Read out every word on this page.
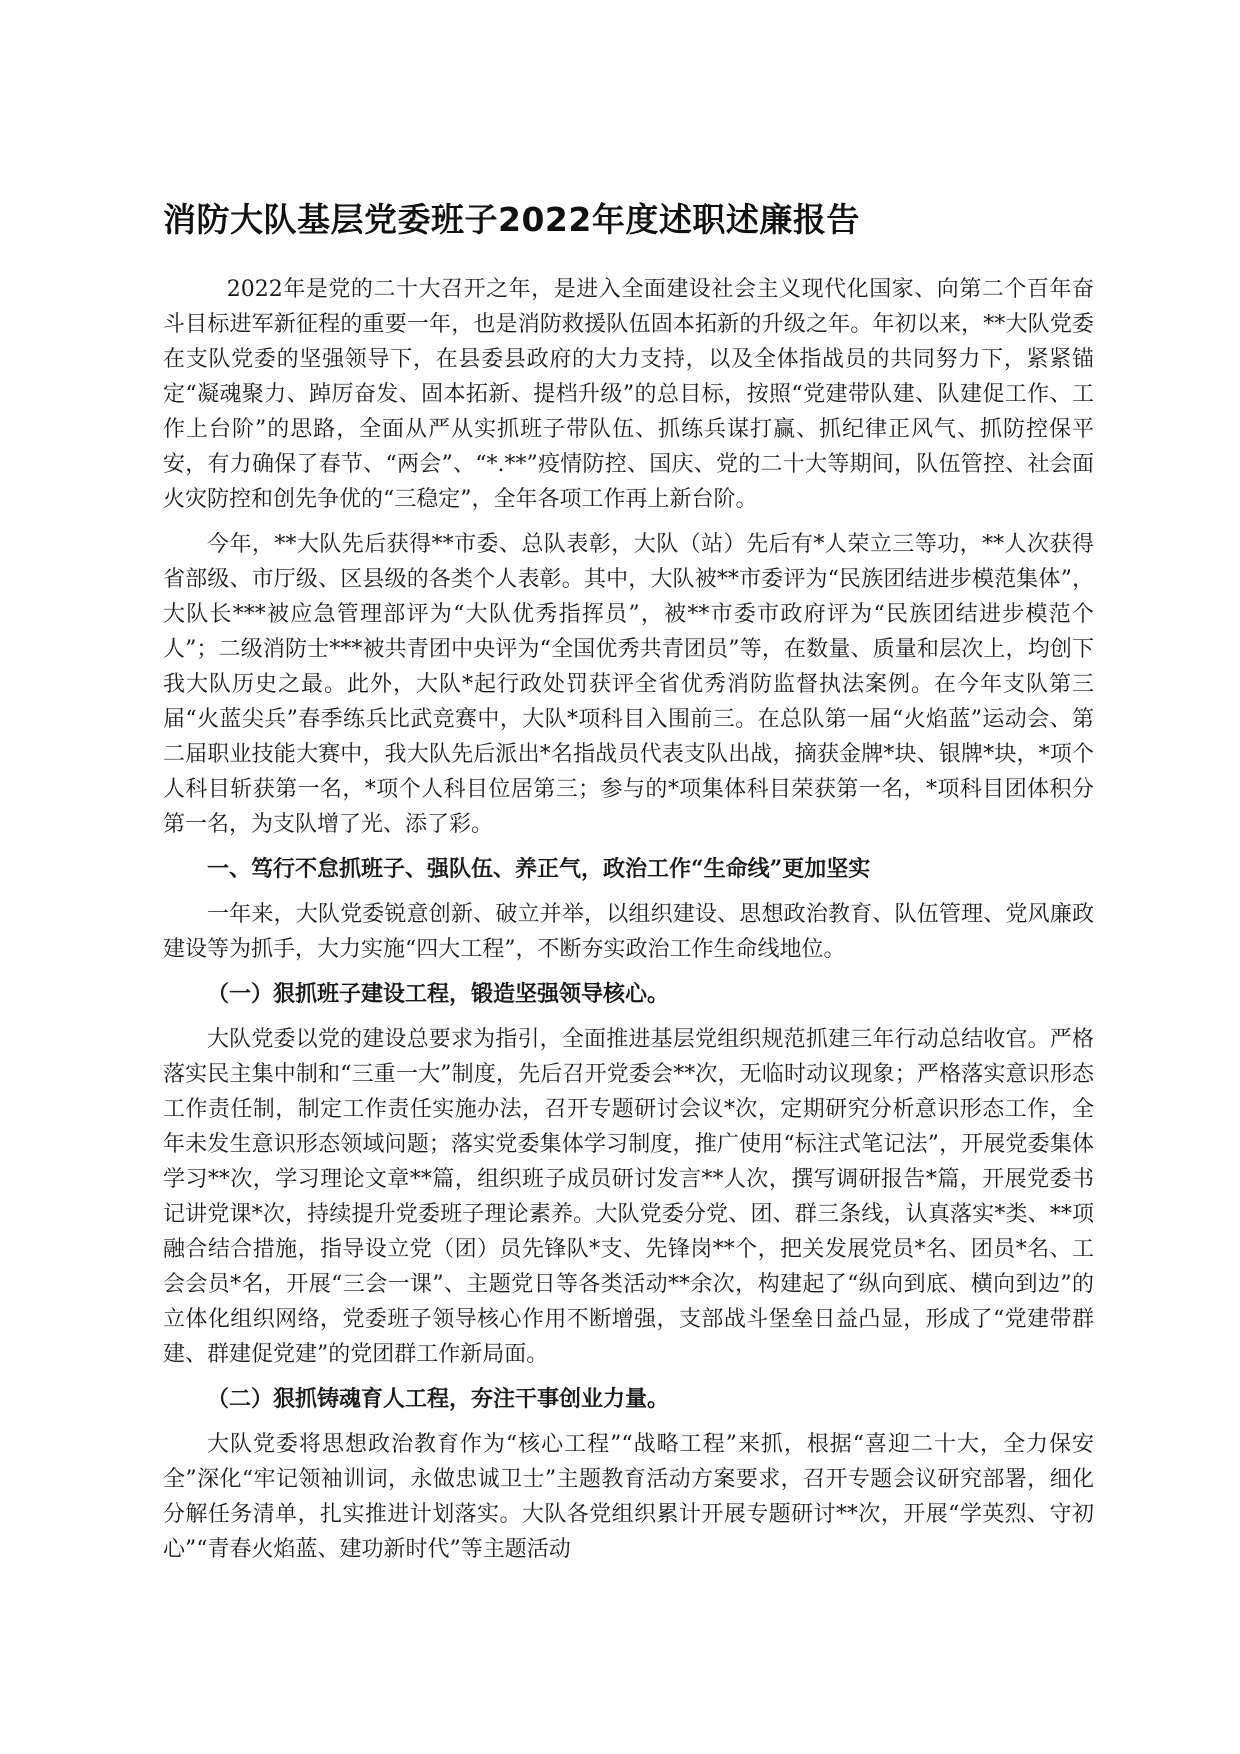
消防大队基层党委班子2022年度述职述廉报告

2022年是党的二十大召开之年，是进入全面建设社会主义现代化国家、向第二个百年奋斗目标进军新征程的重要一年，也是消防救援队伍固本拓新的升级之年。年初以来，**大队党委在支队党委的坚强领导下，在县委县政府的大力支持，以及全体指战员的共同努力下，紧紧锚定“凝魂聚力、踔厉奋发、固本拓新、提档升级”的总目标，按照“党建带队建、队建促工作、工作上台阶”的思路，全面从严从实抓班子带队伍、抓练兵谋打赢、抓纪律正风气、抓防控保平安，有力确保了春节、“两会”、“*.**”疫情防控、国庆、党的二十大等期间，队伍管控、社会面火灾防控和创先争优的“三稳定”，全年各项工作再上新台阶。

今年，**大队先后获得**市委、总队表彰，大队（站）先后有*人荣立三等功，**人次获得省部级、市厅级、区县级的各类个人表彰。其中，大队被**市委评为“民族团结进步模范集体”，大队长***被应急管理部评为“大队优秀指挥员”，被**市委市政府评为“民族团结进步模范个人”；二级消防士***被共青团中央评为“全国优秀共青团员”等，在数量、质量和层次上，均创下我大队历史之最。此外，大队*起行政处罚获评全省优秀消防监督执法案例。在今年支队第三届“火蓝尖兵”春季练兵比武竞赛中，大队*项科目入围前三。在总队第一届“火焰蓝”运动会、第二届职业技能大赛中，我大队先后派出*名指战员代表支队出战，摘获金牌*块、银牌*块，*项个人科目斩获第一名，*项个人科目位居第三；参与的*项集体科目荣获第一名，*项科目团体积分第一名，为支队增了光、添了彩。

一、笃行不怠抓班子、强队伍、养正气，政治工作“生命线”更加坚实

一年来，大队党委锐意创新、破立并举，以组织建设、思想政治教育、队伍管理、党风廉政建设等为抓手，大力实施“四大工程”，不断夯实政治工作生命线地位。

（一）狠抓班子建设工程，锻造坚强领导核心。

大队党委以党的建设总要求为指引，全面推进基层党组织规范抓建三年行动总结收官。严格落实民主集中制和“三重一大”制度，先后召开党委会**次，无临时动议现象；严格落实意识形态工作责任制，制定工作责任实施办法，召开专题研讨会议*次，定期研究分析意识形态工作，全年未发生意识形态领域问题；落实党委集体学习制度，推广使用“标注式笔记法”，开展党委集体学习**次，学习理论文章**篇，组织班子成员研讨发言**人次，撰写调研报告*篇，开展党委书记讲党课*次，持续提升党委班子理论素养。大队党委分党、团、群三条线，认真落实*类、**项融合结合措施，指导设立党（团）员先锋队*支、先锋岗**个，把关发展党员*名、团员*名、工会会员*名，开展“三会一课”、主题党日等各类活动**余次，构建起了“纵向到底、横向到边”的立体化组织网络，党委班子领导核心作用不断增强，支部战斗堡垒日益凸显，形成了“党建带群建、群建促党建”的党团群工作新局面。

（二）狠抓铸魂育人工程，夯注干事创业力量。

大队党委将思想政治教育作为“核心工程”“战略工程”来抓，根据“喜迎二十大，全力保安全”深化“牢记领袖训词，永做忠诚卫士”主题教育活动方案要求，召开专题会议研究部署，细化分解任务清单，扎实推进计划落实。大队各党组织累计开展专题研讨**次，开展“学英烈、守初心”“青春火焰蓝、建功新时代”等主题活动
